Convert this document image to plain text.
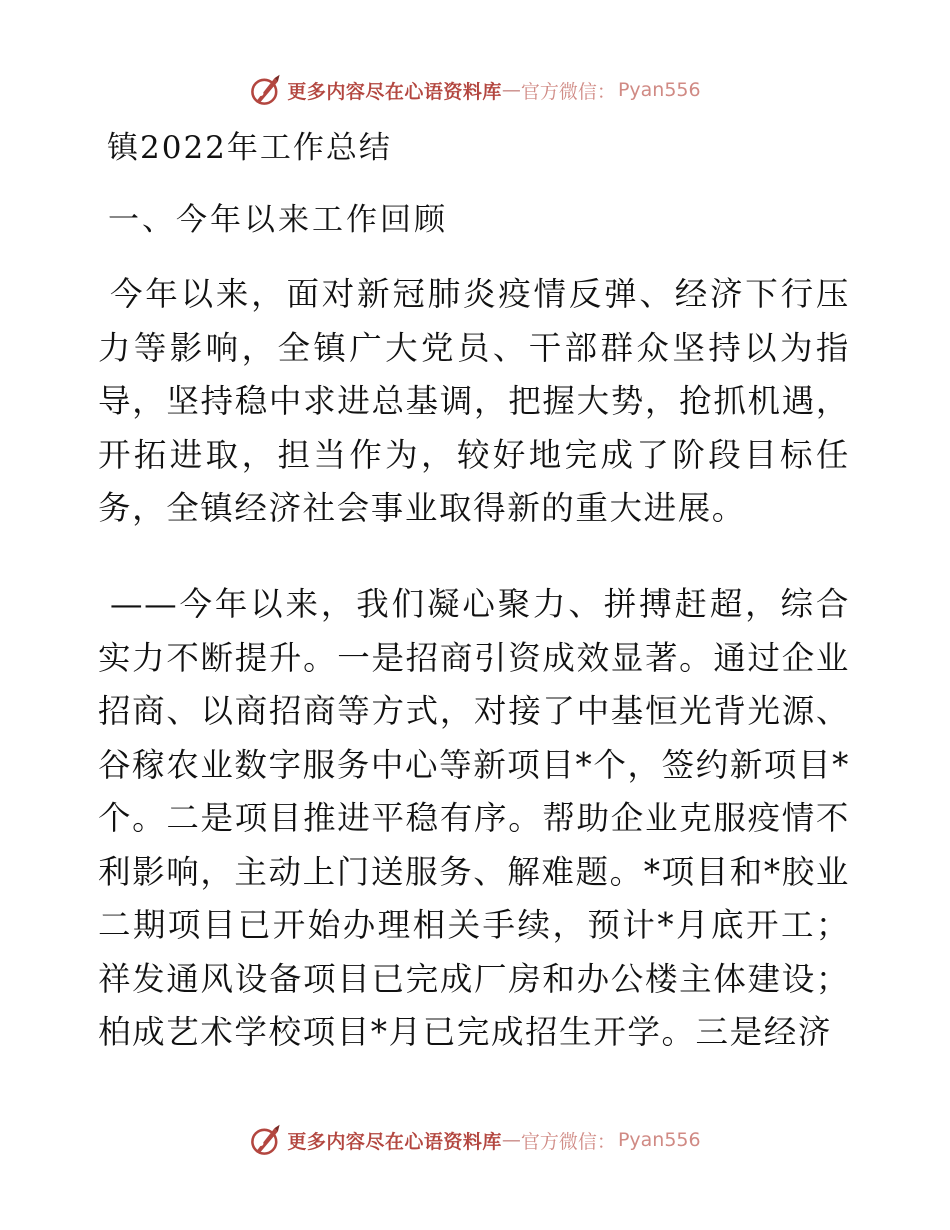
更多内容尽在心语资料库 — 官方微信： Pyan556
镇2022年工作总结
一、今年以来工作回顾

今年以来，面对新冠肺炎疫情反弹、经济下行压力等影响，全镇广大党员、干部群众坚持以为指导，坚持稳中求进总基调，把握大势，抢抓机遇，开拓进取，担当作为，较好地完成了阶段目标任务，全镇经济社会事业取得新的重大进展。

——今年以来，我们凝心聚力、拼搏赶超，综合实力不断提升。一是招商引资成效显著。通过企业招商、以商招商等方式，对接了中基恒光背光源、谷稼农业数字服务中心等新项目*个，签约新项目*个。二是项目推进平稳有序。帮助企业克服疫情不利影响，主动上门送服务、解难题。*项目和*胶业二期项目已开始办理相关手续，预计*月底开工；祥发通风设备项目已完成厂房和办公楼主体建设；柏成艺术学校项目*月已完成招生开学。三是经济

更多内容尽在心语资料库 — 官方微信： Pyan556
